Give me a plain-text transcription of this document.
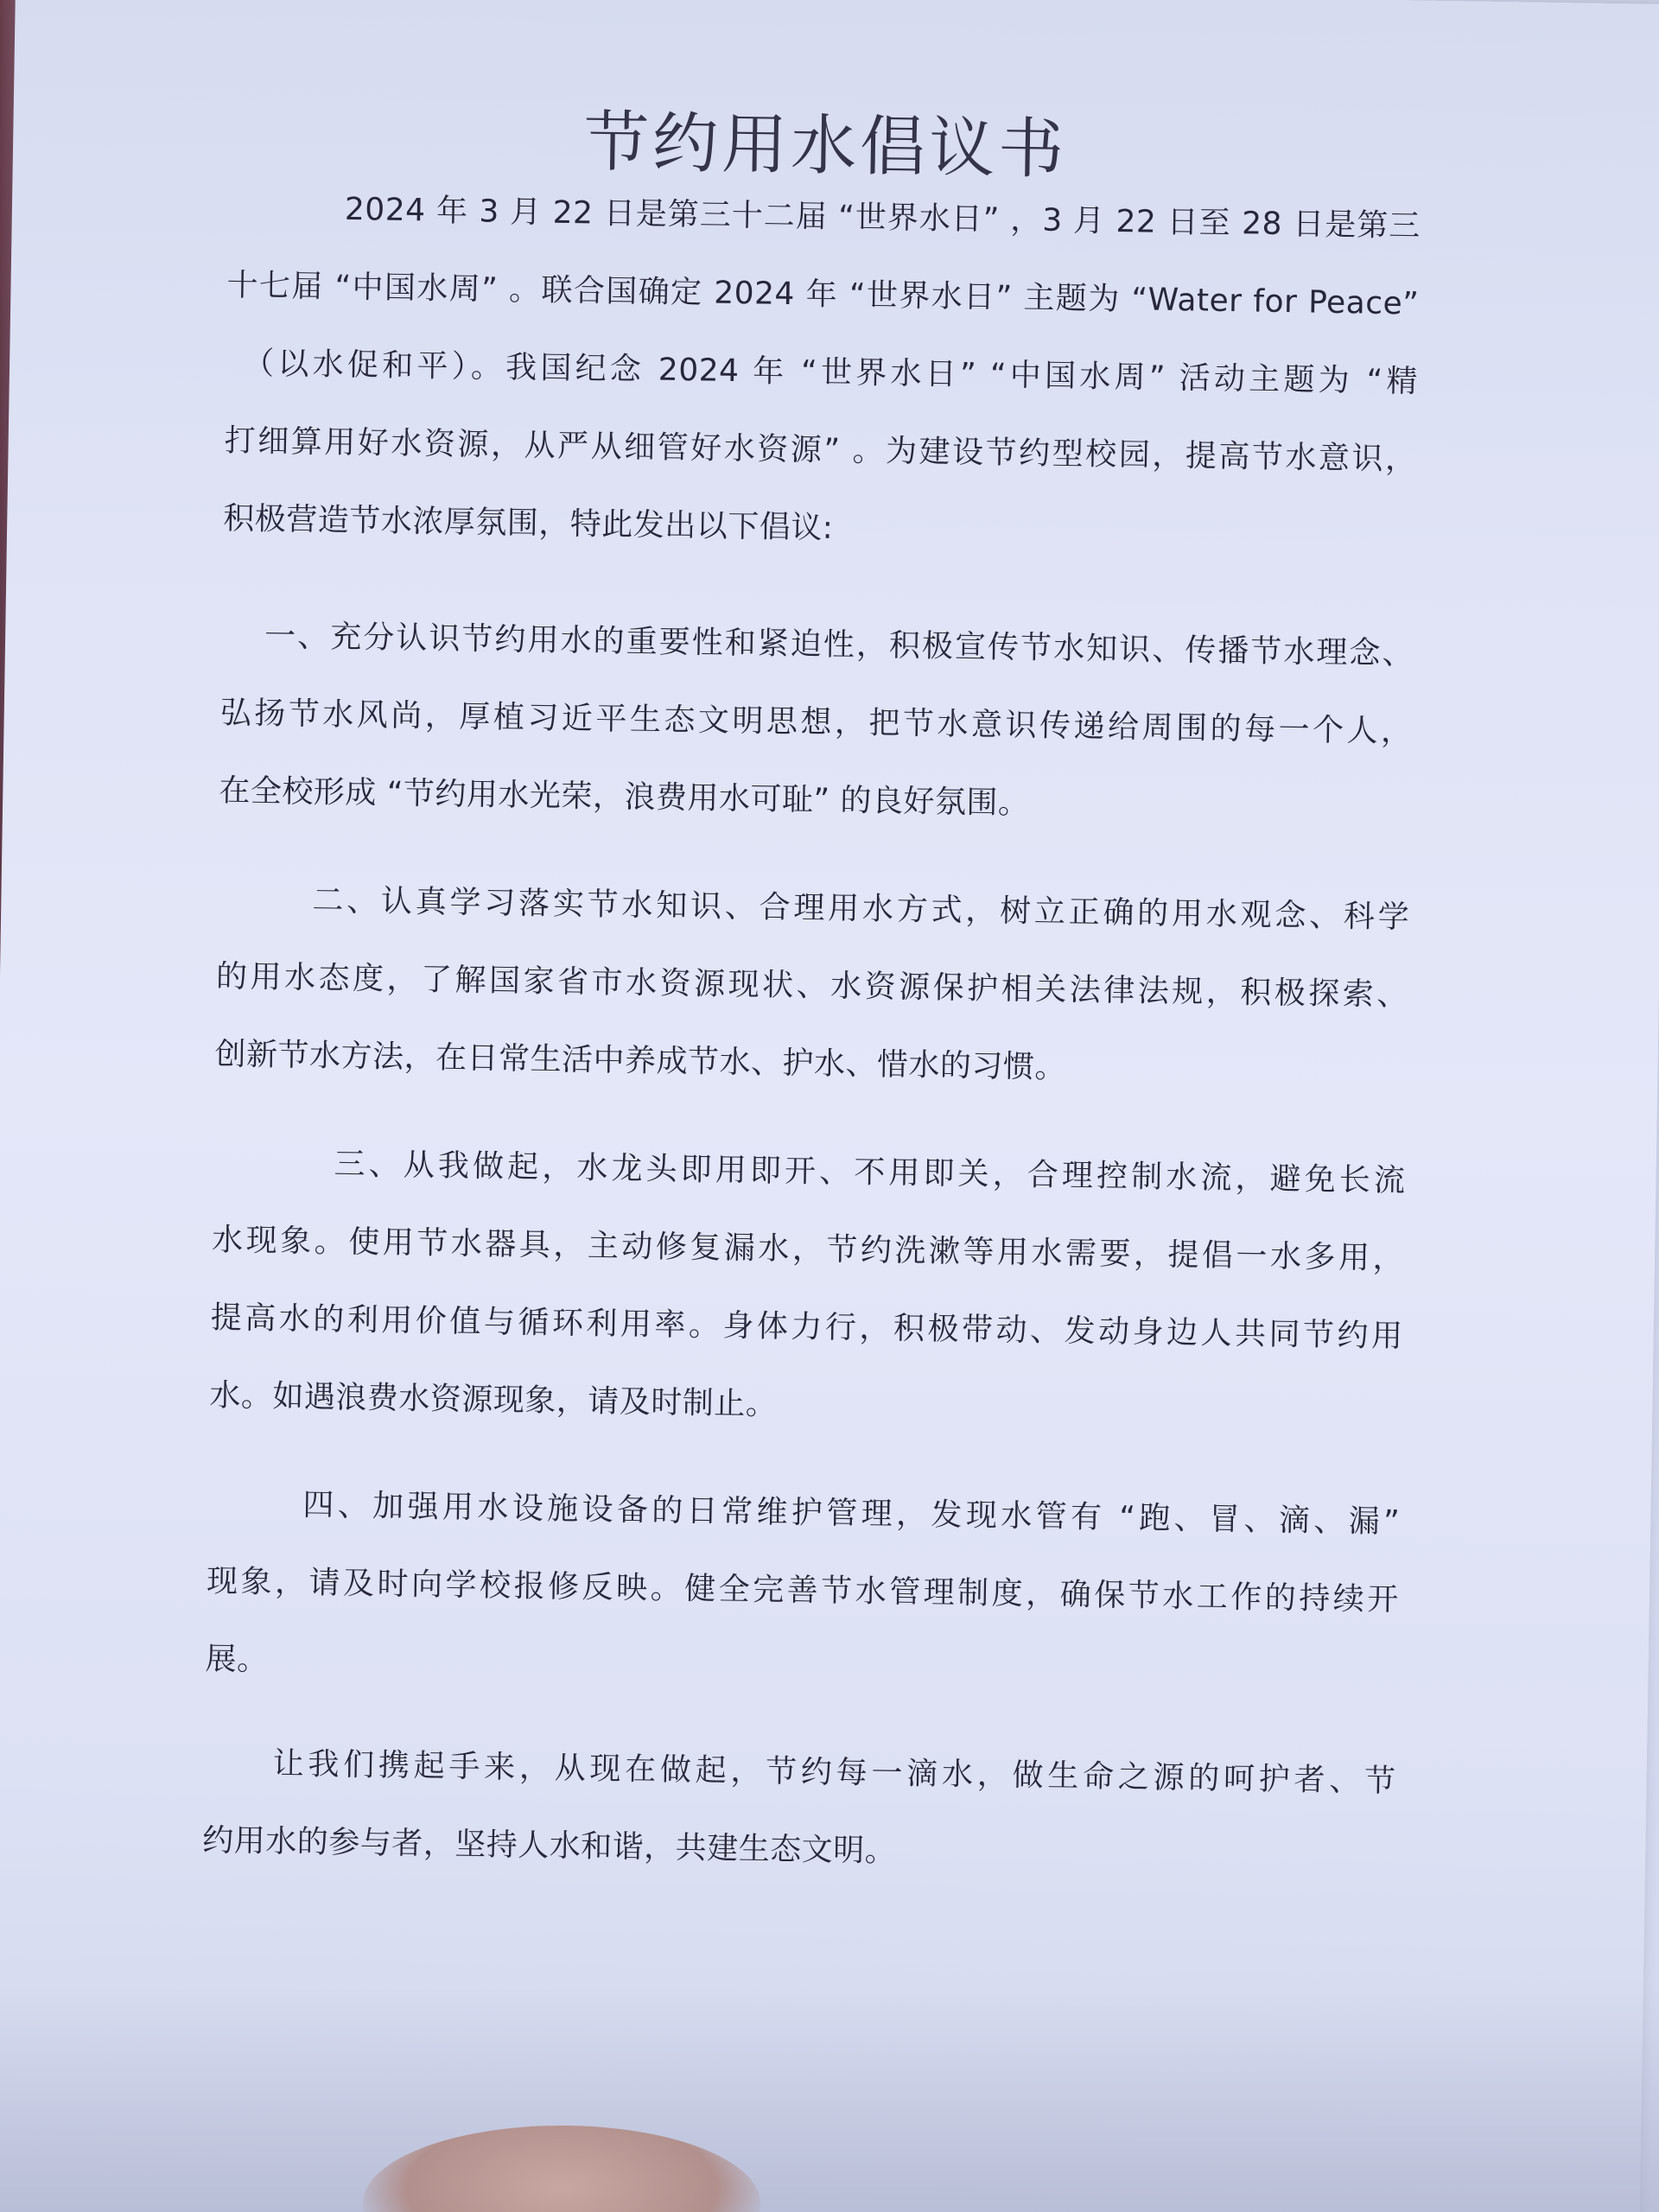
节约用水倡议书
2024 年 3 月 22 日是第三十二届 “世界水日” ，3 月 22 日至 28 日是第三
十七届 “中国水周” 。联合国确定 2024 年 “世界水日” 主题为 “Water for Peace”
（以水促和平）。我国纪念 2024 年 “世界水日” “中国水周” 活动主题为 “精
打细算用好水资源，从严从细管好水资源” 。为建设节约型校园，提高节水意识，
积极营造节水浓厚氛围，特此发出以下倡议:
一、充分认识节约用水的重要性和紧迫性，积极宣传节水知识、传播节水理念、
弘扬节水风尚，厚植习近平生态文明思想，把节水意识传递给周围的每一个人，
在全校形成 “节约用水光荣，浪费用水可耻” 的良好氛围。
二、认真学习落实节水知识、合理用水方式，树立正确的用水观念、科学
的用水态度，了解国家省市水资源现状、水资源保护相关法律法规，积极探索、
创新节水方法，在日常生活中养成节水、护水、惜水的习惯。
三、从我做起，水龙头即用即开、不用即关，合理控制水流，避免长流
水现象。使用节水器具，主动修复漏水，节约洗漱等用水需要，提倡一水多用，
提高水的利用价值与循环利用率。身体力行，积极带动、发动身边人共同节约用
水。如遇浪费水资源现象，请及时制止。
四、加强用水设施设备的日常维护管理，发现水管有 “跑、冒、滴、漏”
现象，请及时向学校报修反映。健全完善节水管理制度，确保节水工作的持续开
展。
让我们携起手来，从现在做起，节约每一滴水，做生命之源的呵护者、节
约用水的参与者，坚持人水和谐，共建生态文明。
